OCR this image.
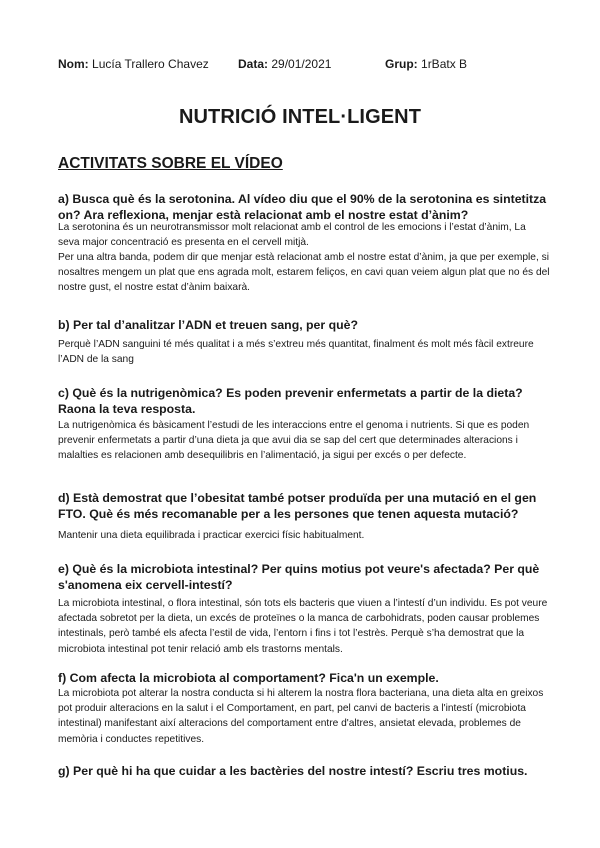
Nom: Lucía Trallero Chavez Data: 29/01/2021	Grup: 1rBatx B
NUTRICIÓ INTEL·LIGENT
ACTIVITATS SOBRE EL VÍDEO

a) Busca què és la serotonina. Al vídeo diu que el 90% de la serotonina es sintetitza on? Ara reflexiona, menjar està relacionat amb el nostre estat d’ànim?

La serotonina és un neurotransmissor molt relacionat amb el control de les emocions i l’estat d’ànim, La seva major concentració es presenta en el cervell mitjà.

Per una altra banda, podem dir que menjar està relacionat amb el nostre estat d’ànim, ja que per exemple, si nosaltres mengem un plat que ens agrada molt, estarem feliços, en cavi quan veiem algun plat que no és del nostre gust, el nostre estat d’ànim baixarà.

b) Per tal d’analitzar l’ADN et treuen sang, per què?

Perquè l’ADN sanguini té més qualitat i a més s’extreu més quantitat, finalment és molt més fàcil extreure l’ADN de la sang

c) Què és la nutrigenòmica? Es poden prevenir enfermetats a partir de la dieta? Raona la teva resposta.

La nutrigenòmica és bàsicament l’estudi de les interaccions entre el genoma i nutrients. Si que es poden prevenir enfermetats a partir d’una dieta ja que avui dia se sap del cert que determinades alteracions i malalties es relacionen amb desequilibris en l’alimentació, ja sigui per excés o per defecte.

d) Està demostrat que l’obesitat també potser produïda per una mutació en el gen FTO. Què és més recomanable per a les persones que tenen aquesta mutació?

Mantenir una dieta equilibrada i practicar exercici físic habitualment.

e) Què és la microbiota intestinal? Per quins motius pot veure's afectada? Per què s'anomena eix cervell-intestí?

La microbiota intestinal, o flora intestinal, són tots els bacteris que viuen a l’intestí d’un individu. Es pot veure afectada sobretot per la dieta, un excés de proteïnes o la manca de carbohidrats, poden causar problemes intestinals, però també els afecta l’estil de vida, l’entorn i fins i tot l’estrès. Perquè s’ha demostrat que la microbiota intestinal pot tenir relació amb els trastorns mentals.

f) Com afecta la microbiota al comportament? Fica'n un exemple.

La microbiota pot alterar la nostra conducta si hi alterem la nostra flora bacteriana, una dieta alta en greixos pot produir alteracions en la salut i el Comportament, en part, pel canvi de bacteris a l'intestí (microbiota intestinal) manifestant així alteracions del comportament entre d'altres, ansietat elevada, problemes de memòria i conductes repetitives.

g) Per què hi ha que cuidar a les bactèries del nostre intestí? Escriu tres motius.
